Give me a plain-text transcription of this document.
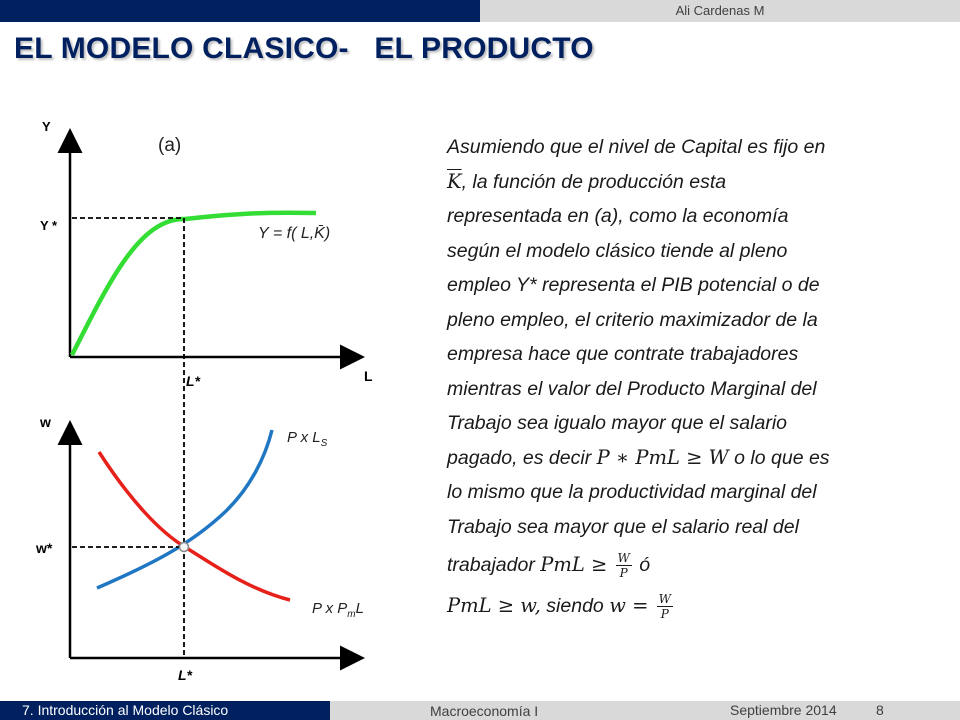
Ali Cardenas M
EL MODELO CLASICO-   EL PRODUCTO
Y
L
(a)
Y *
L*
Y = f( L,K̄)
w
w*
L*
P x $L_S$
P x $P_mL$
Asumiendo que el nivel de Capital es fijo en
$\overline{K}$, la función de producción esta
representada en (a), como la economía
según el modelo clásico tiende al pleno
empleo Y* representa el PIB potencial o de
pleno empleo, el criterio maximizador de la
empresa hace que contrate trabajadores
mientras el valor del Producto Marginal del
Trabajo sea igualo mayor que el salario
pagado, es decir P ∗ PmL ≥ W o lo que es
lo mismo que la productividad marginal del
Trabajo sea mayor que el salario real del
trabajador PmL ≥ $\frac{W}{P}$ ó
PmL ≥ w, siendo $w = \frac{W}{P}$
7. Introducción al Modelo Clásico	Macroeconomía I	Septiembre 2014	8
